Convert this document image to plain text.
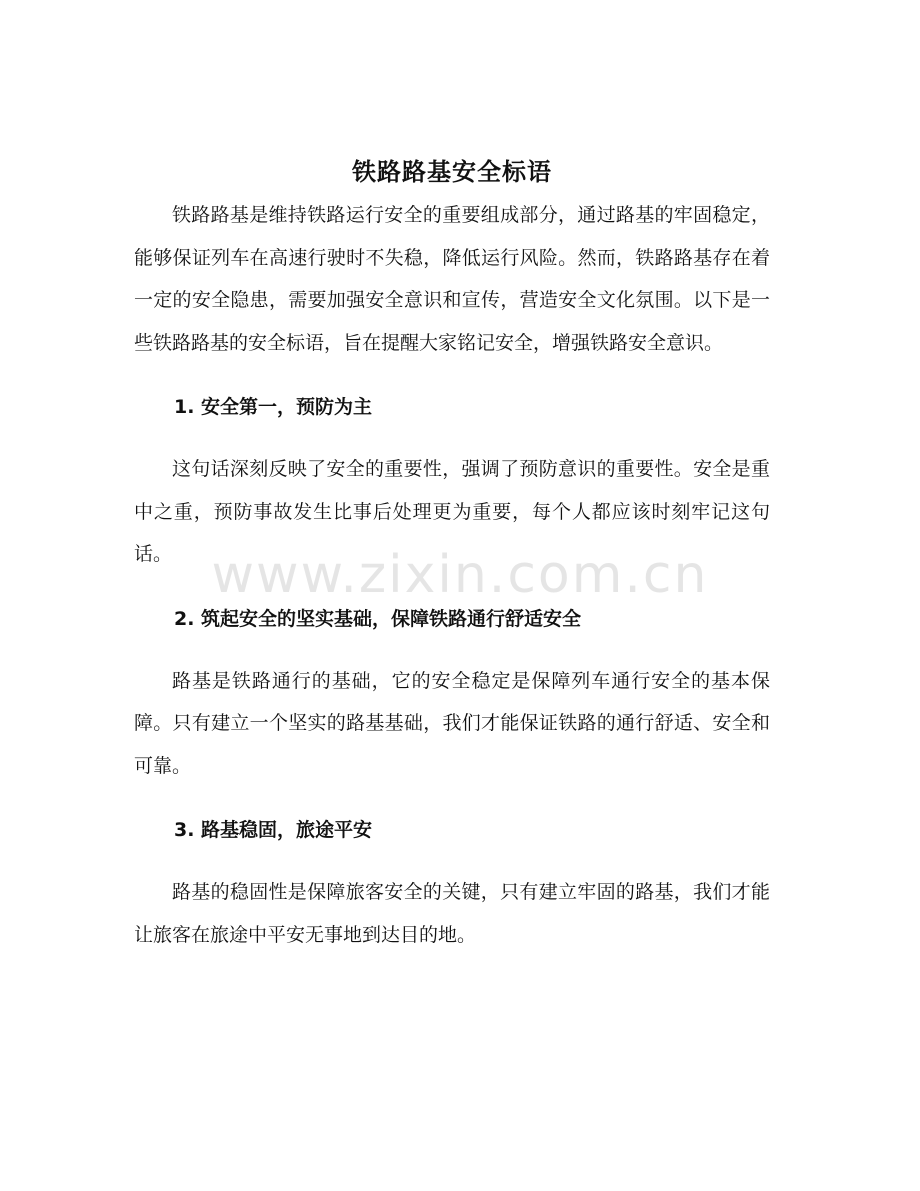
铁路路基安全标语

铁路路基是维持铁路运行安全的重要组成部分，通过路基的牢固稳定，能够保证列车在高速行驶时不失稳，降低运行风险。然而，铁路路基存在着一定的安全隐患，需要加强安全意识和宣传，营造安全文化氛围。以下是一些铁路路基的安全标语，旨在提醒大家铭记安全，增强铁路安全意识。

1. 安全第一，预防为主

这句话深刻反映了安全的重要性，强调了预防意识的重要性。安全是重中之重，预防事故发生比事后处理更为重要，每个人都应该时刻牢记这句话。

2. 筑起安全的坚实基础，保障铁路通行舒适安全

路基是铁路通行的基础，它的安全稳定是保障列车通行安全的基本保障。只有建立一个坚实的路基基础，我们才能保证铁路的通行舒适、安全和可靠。

3. 路基稳固，旅途平安

路基的稳固性是保障旅客安全的关键，只有建立牢固的路基，我们才能让旅客在旅途中平安无事地到达目的地。

www.zixin.com.cn
